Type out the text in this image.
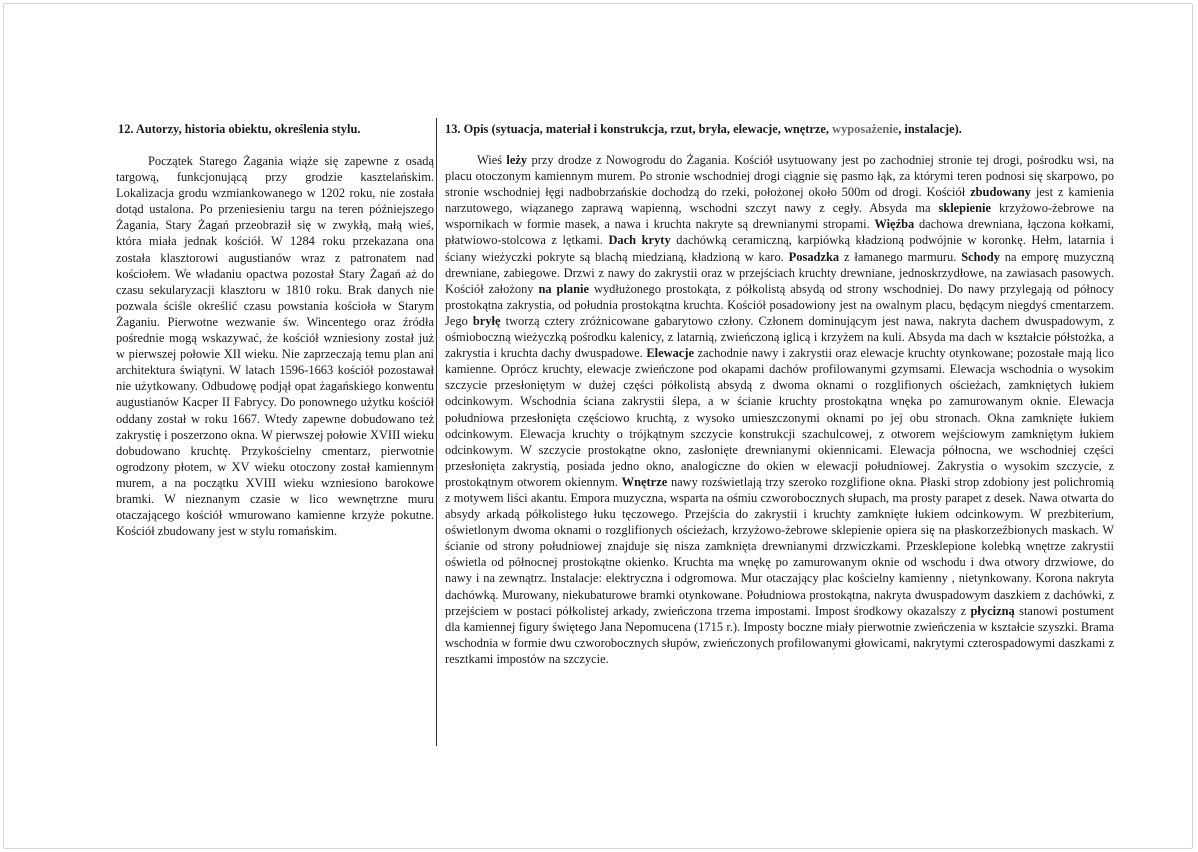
12. Autorzy, historia obiektu, określenia stylu.
Początek Starego Żagania wiąże się zapewne z osadą targową, funkcjonującą przy grodzie kasztelańskim. Lokalizacja grodu wzmiankowanego w 1202 roku, nie została dotąd ustalona. Po przeniesieniu targu na teren późniejszego Żagania, Stary Żagań przeobraził się w zwykłą, małą wieś, która miała jednak kościół. W 1284 roku przekazana ona została klasztorowi augustianów wraz z patronatem nad kościołem. We władaniu opactwa pozostał Stary Żagań aż do czasu sekularyzacji klasztoru w 1810 roku. Brak danych nie pozwala ściśle określić czasu powstania kościoła w Starym Żaganiu. Pierwotne wezwanie św. Wincentego oraz źródła pośrednie mogą wskazywać, że kościół wzniesiony został już w pierwszej połowie XII wieku. Nie zaprzeczają temu plan ani architektura świątyni. W latach 1596-1663 kościół pozostawał nie użytkowany. Odbudowę podjął opat żagańskiego konwentu augustianów Kacper II Fabrycy. Do ponownego użytku kościół oddany został w roku 1667. Wtedy zapewne dobudowano też zakrystię i poszerzono okna. W pierwszej połowie XVIII wieku dobudowano kruchtę. Przykościelny cmentarz, pierwotnie ogrodzony płotem, w XV wieku otoczony został kamiennym murem, a na początku XVIII wieku wzniesiono barokowe bramki. W nieznanym czasie w lico wewnętrzne muru otaczającego kościół wmurowano kamienne krzyże pokutne. Kościół zbudowany jest w stylu romańskim.
13. Opis (sytuacja, materiał i konstrukcja, rzut, bryła, elewacje, wnętrze, wyposażenie, instalacje).
Wieś leży przy drodze z Nowogrodu do Żagania. Kościół usytuowany jest po zachodniej stronie tej drogi, pośrodku wsi, na placu otoczonym kamiennym murem. Po stronie wschodniej drogi ciągnie się pasmo łąk, za którymi teren podnosi się skarpowo, po stronie wschodniej łęgi nadbobrzańskie dochodzą do rzeki, położonej około 500m od drogi. Kościół zbudowany jest z kamienia narzutowego, wiązanego zaprawą wapienną, wschodni szczyt nawy z cegły. Absyda ma sklepienie krzyżowo-żebrowe na wspornikach w formie masek, a nawa i kruchta nakryte są drewnianymi stropami. Więźba dachowa drewniana, łączona kołkami, płatwiowo-stolcowa z lętkami. Dach kryty dachówką ceramiczną, karpiówką kładzioną podwójnie w koronkę. Hełm, latarnia i ściany wieżyczki pokryte są blachą miedzianą, kładzioną w karo. Posadzka z łamanego marmuru. Schody na emporę muzyczną drewniane, zabiegowe. Drzwi z nawy do zakrystii oraz w przejściach kruchty drewniane, jednoskrzydłowe, na zawiasach pasowych. Kościół założony na planie wydłużonego prostokąta, z półkolistą absydą od strony wschodniej. Do nawy przylegają od północy prostokątna zakrystia, od południa prostokątna kruchta. Kościół posadowiony jest na owalnym placu, będącym niegdyś cmentarzem. Jego bryłę tworzą cztery zróżnicowane gabarytowo człony. Członem dominującym jest nawa, nakryta dachem dwuspadowym, z ośmioboczną wieżyczką pośrodku kalenicy, z latarnią, zwieńczoną iglicą i krzyżem na kuli. Absyda ma dach w kształcie półstożka, a zakrystia i kruchta dachy dwuspadowe. Elewacje zachodnie nawy i zakrystii oraz elewacje kruchty otynkowane; pozostałe mają lico kamienne. Oprócz kruchty, elewacje zwieńczone pod okapami dachów profilowanymi gzymsami. Elewacja wschodnia o wysokim szczycie przesłoniętym w dużej części półkolistą absydą z dwoma oknami o rozglifionych ościeżach, zamkniętych łukiem odcinkowym. Wschodnia ściana zakrystii ślepa, a w ścianie kruchty prostokątna wnęka po zamurowanym oknie. Elewacja południowa przesłonięta częściowo kruchtą, z wysoko umieszczonymi oknami po jej obu stronach. Okna zamknięte łukiem odcinkowym. Elewacja kruchty o trójkątnym szczycie konstrukcji szachulcowej, z otworem wejściowym zamkniętym łukiem odcinkowym. W szczycie prostokątne okno, zasłonięte drewnianymi okiennicami. Elewacja północna, we wschodniej części przesłonięta zakrystią, posiada jedno okno, analogiczne do okien w elewacji południowej. Zakrystia o wysokim szczycie, z prostokątnym otworem okiennym. Wnętrze nawy rozświetlają trzy szeroko rozglifione okna. Płaski strop zdobiony jest polichromią z motywem liści akantu. Empora muzyczna, wsparta na ośmiu czworobocznych słupach, ma prosty parapet z desek. Nawa otwarta do absydy arkadą półkolistego łuku tęczowego. Przejścia do zakrystii i kruchty zamknięte łukiem odcinkowym. W prezbiterium, oświetlonym dwoma oknami o rozglifionych ościeżach, krzyżowo-żebrowe sklepienie opiera się na płaskorzeźbionych maskach. W ścianie od strony południowej znajduje się nisza zamknięta drewnianymi drzwiczkami. Przesklepione kolebką wnętrze zakrystii oświetla od północnej prostokątne okienko. Kruchta ma wnękę po zamurowanym oknie od wschodu i dwa otwory drzwiowe, do nawy i na zewnątrz. Instalacje: elektryczna i odgromowa. Mur otaczający plac kościelny kamienny , nietynkowany. Korona nakryta dachówką. Murowany, niekubaturowe bramki otynkowane. Południowa prostokątna, nakryta dwuspadowym daszkiem z dachówki, z przejściem w postaci półkolistej arkady, zwieńczona trzema impostami. Impost środkowy okazalszy z płycizną stanowi postument dla kamiennej figury świętego Jana Nepomucena (1715 r.). Imposty boczne miały pierwotnie zwieńczenia w kształcie szyszki. Brama wschodnia w formie dwu czworobocznych słupów, zwieńczonych profilowanymi głowicami, nakrytymi czterospadowymi daszkami z resztkami impostów na szczycie.
